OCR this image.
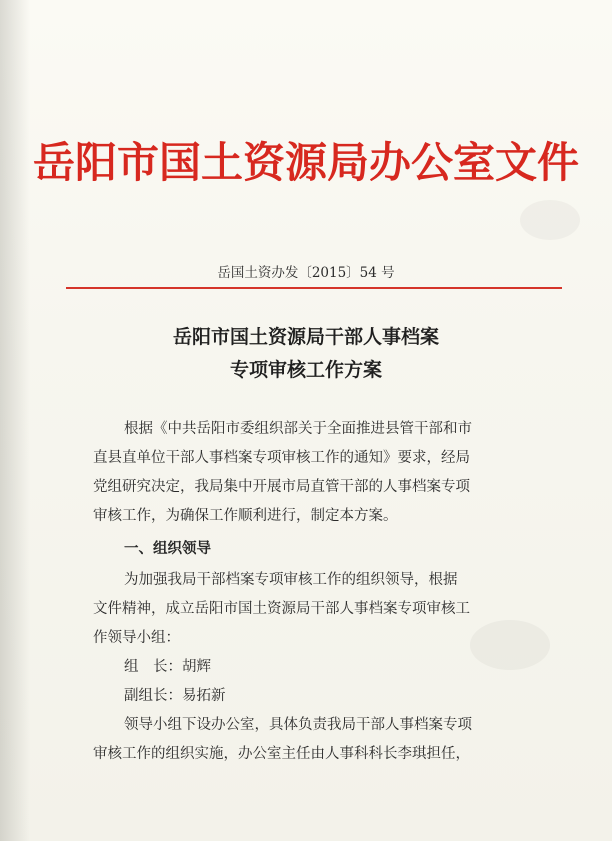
岳阳市国土资源局办公室文件
岳国土资办发〔2015〕54 号
岳阳市国土资源局干部人事档案
专项审核工作方案
根据《中共岳阳市委组织部关于全面推进县管干部和市
直县直单位干部人事档案专项审核工作的通知》要求，经局
党组研究决定，我局集中开展市局直管干部的人事档案专项
审核工作，为确保工作顺利进行，制定本方案。
一、组织领导
为加强我局干部档案专项审核工作的组织领导，根据
文件精神，成立岳阳市国土资源局干部人事档案专项审核工
作领导小组：
组　长：胡辉
副组长：易拓新
领导小组下设办公室，具体负责我局干部人事档案专项
审核工作的组织实施，办公室主任由人事科科长李琪担任，
